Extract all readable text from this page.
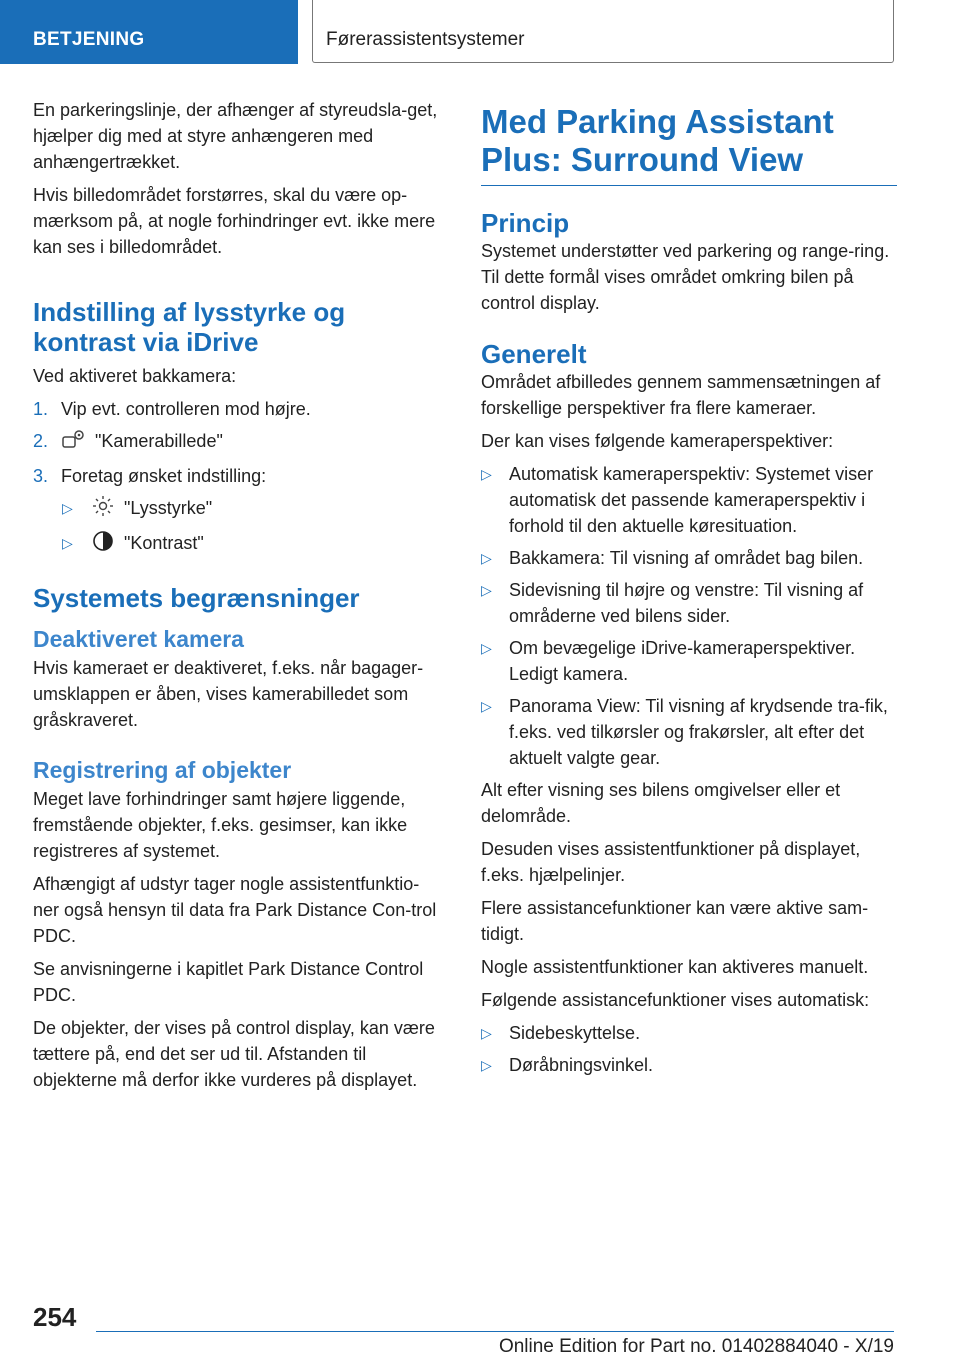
BETJENING	Førerassistentsystemer

En parkeringslinje, der afhænger af styreudsla-get, hjælper dig med at styre anhængeren med anhængertrækket.

Hvis billedområdet forstørres, skal du være op-mærksom på, at nogle forhindringer evt. ikke mere kan ses i billedområdet.

Indstilling af lysstyrke og kontrast via iDrive

Ved aktiveret bakkamera:

1. Vip evt. controlleren mod højre.
2.	"Kamerabillede"
3. Foretag ønsket indstilling:
▷	"Lysstyrke"
▷	"Kontrast"
Systemets begrænsninger
Deaktiveret kamera

Hvis kameraet er deaktiveret, f.eks. når bagager-umsklappen er åben, vises kamerabilledet som gråskraveret.

Registrering af objekter

Meget lave forhindringer samt højere liggende, fremstående objekter, f.eks. gesimser, kan ikke registreres af systemet.

Afhængigt af udstyr tager nogle assistentfunktio-ner også hensyn til data fra Park Distance Con-trol PDC.

Se anvisningerne i kapitlet Park Distance Control PDC.

De objekter, der vises på control display, kan være tættere på, end det ser ud til. Afstanden til objekterne må derfor ikke vurderes på displayet.

Med Parking Assistant Plus: Surround View
Princip

Systemet understøtter ved parkering og range-ring. Til dette formål vises området omkring bilen på control display.

Generelt

Området afbilledes gennem sammensætningen af forskellige perspektiver fra flere kameraer.

Der kan vises følgende kameraperspektiver:

▷ Automatisk kameraperspektiv: Systemet viser automatisk det passende kameraperspektiv i forhold til den aktuelle køresituation.
▷ Bakkamera: Til visning af området bag bilen.
▷ Sidevisning til højre og venstre: Til visning af områderne ved bilens sider.
▷ Om bevægelige iDrive-kameraperspektiver. Ledigt kamera.
▷ Panorama View: Til visning af krydsende tra-fik, f.eks. ved tilkørsler og frakørsler, alt efter det aktuelt valgte gear.

Alt efter visning ses bilens omgivelser eller et delområde.

Desuden vises assistentfunktioner på displayet, f.eks. hjælpelinjer.

Flere assistancefunktioner kan være aktive sam-tidigt.

Nogle assistentfunktioner kan aktiveres manuelt.

Følgende assistancefunktioner vises automatisk:

▷ Sidebeskyttelse.
▷ Døråbningsvinkel.
254
Online Edition for Part no. 01402884040 - X/19
